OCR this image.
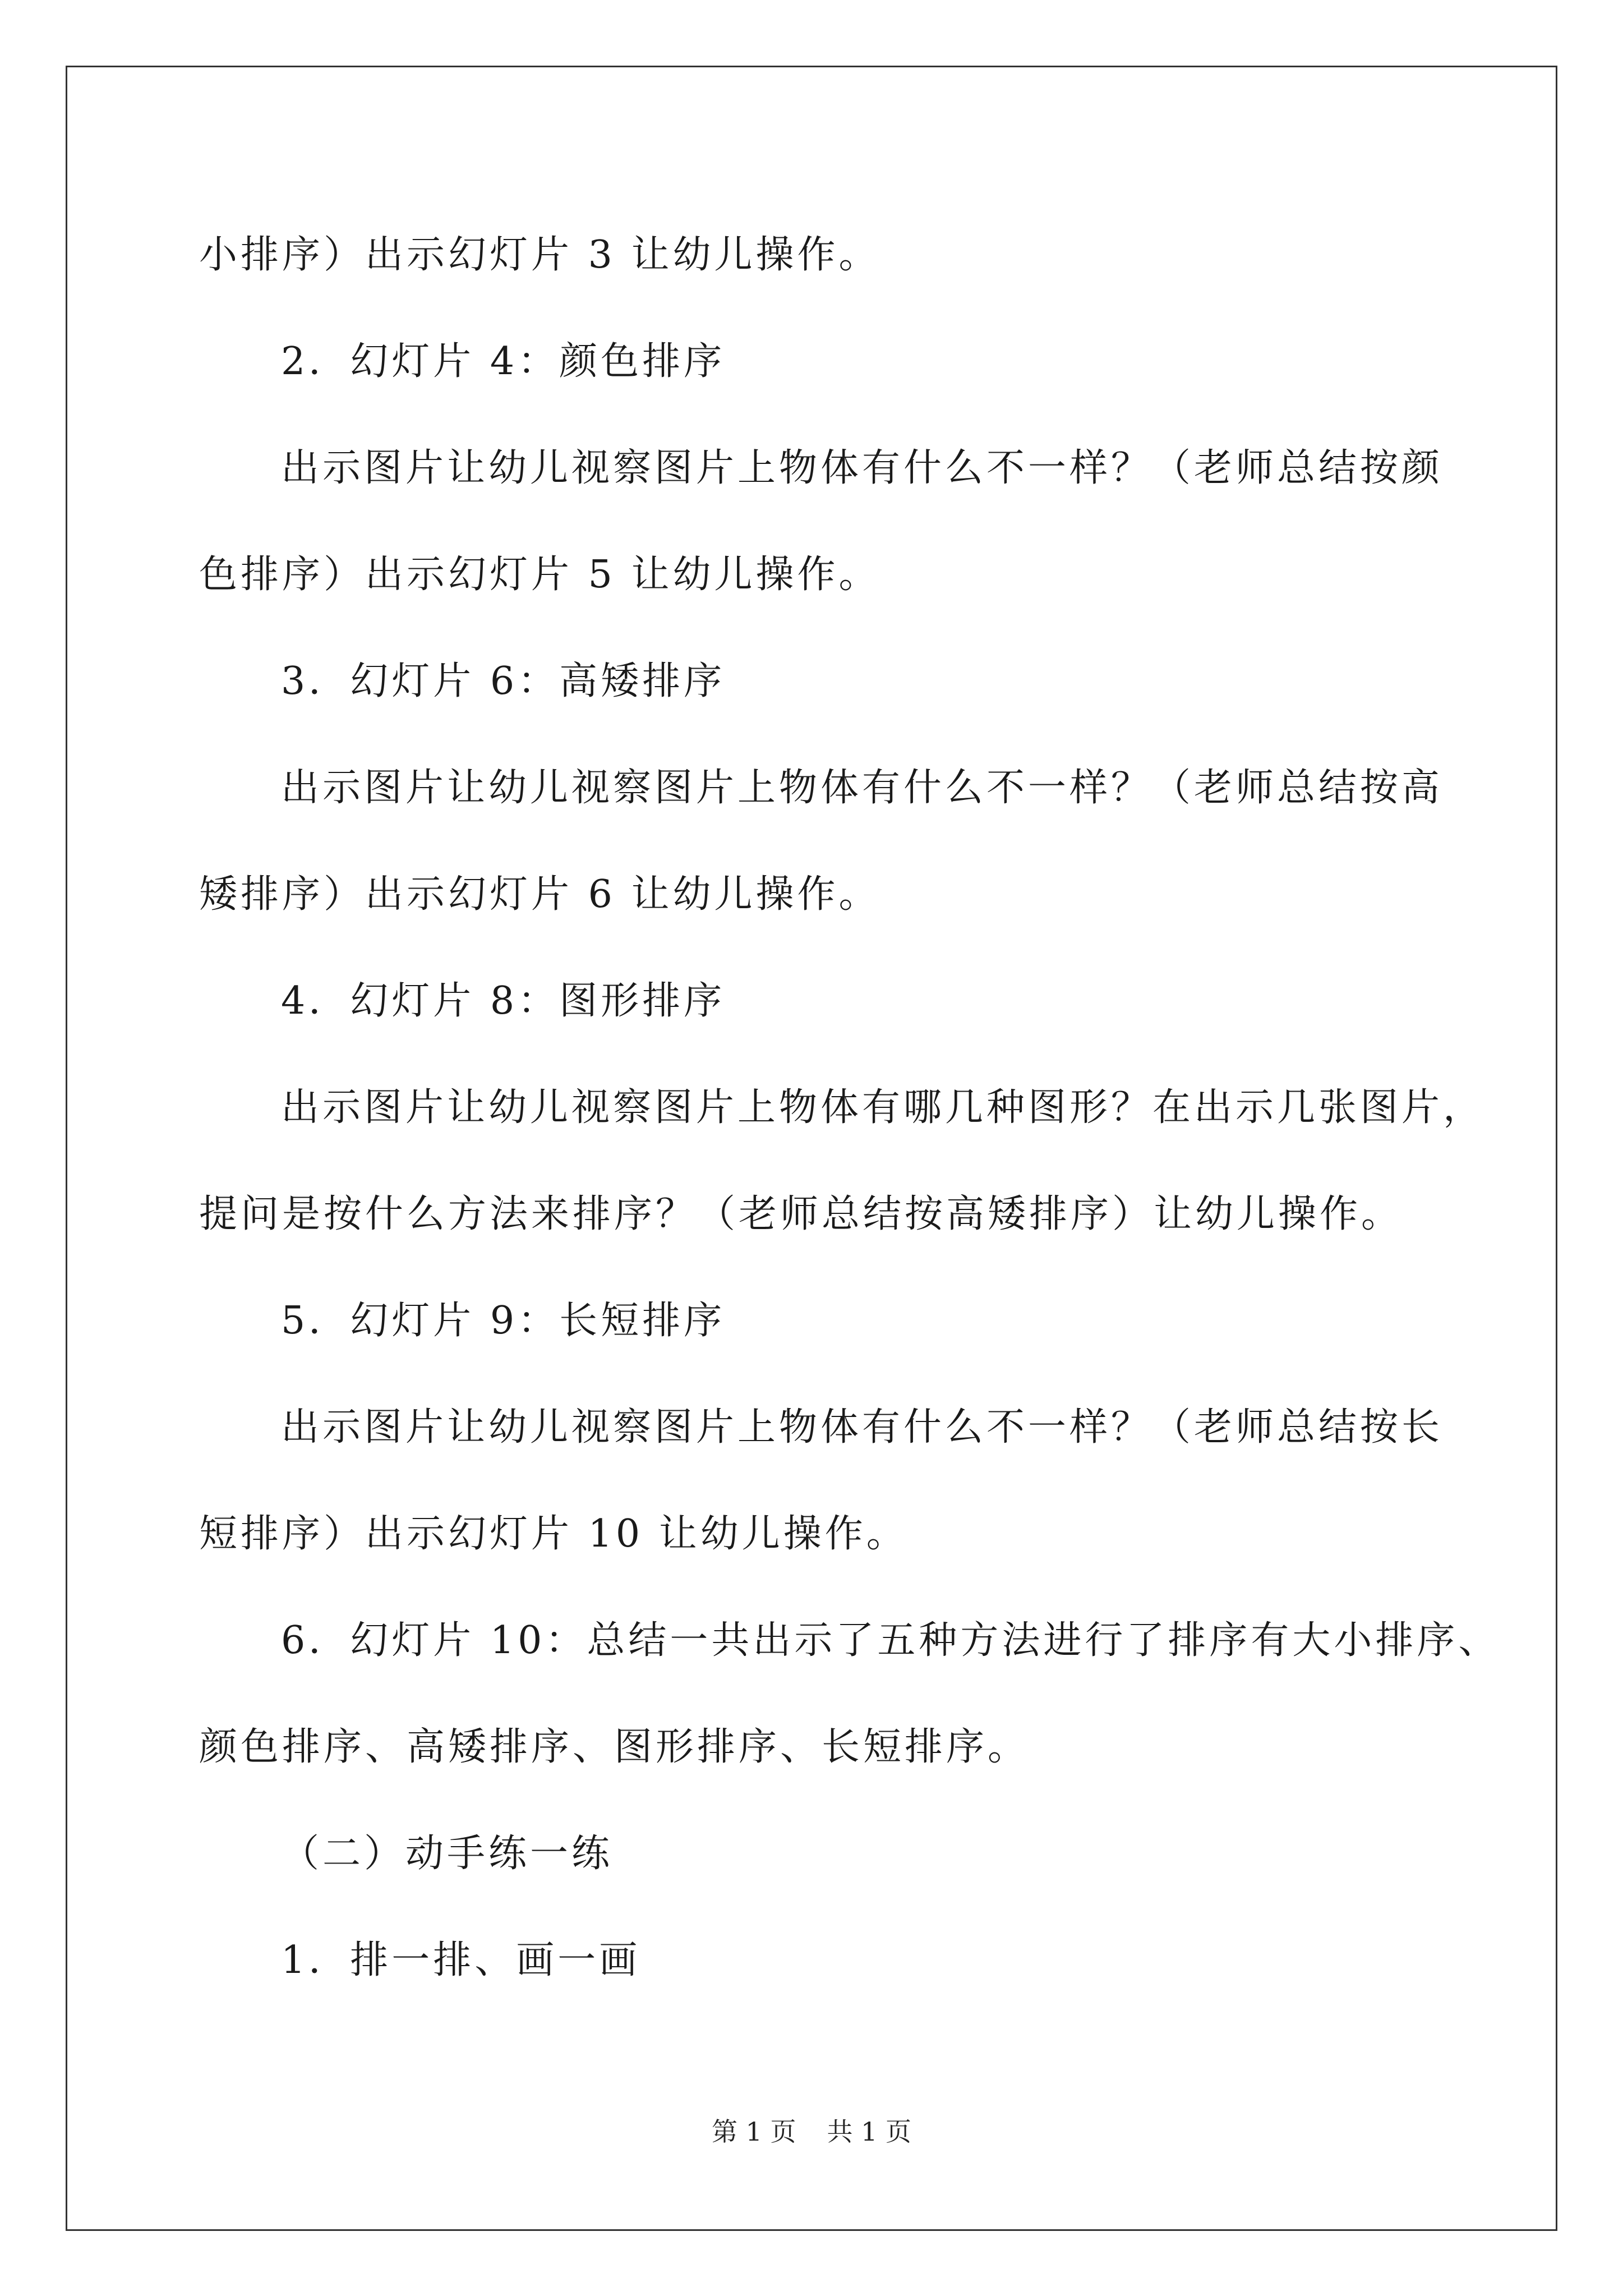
小排序）出示幻灯片 3 让幼儿操作。
2．幻灯片 4：颜色排序
出示图片让幼儿视察图片上物体有什么不一样？（老师总结按颜
色排序）出示幻灯片 5 让幼儿操作。
3．幻灯片 6：高矮排序
出示图片让幼儿视察图片上物体有什么不一样？（老师总结按高
矮排序）出示幻灯片 6 让幼儿操作。
4．幻灯片 8：图形排序
出示图片让幼儿视察图片上物体有哪几种图形？在出示几张图片，
提问是按什么方法来排序？（老师总结按高矮排序）让幼儿操作。
5．幻灯片 9：长短排序
出示图片让幼儿视察图片上物体有什么不一样？（老师总结按长
短排序）出示幻灯片 10 让幼儿操作。
6．幻灯片 10：总结一共出示了五种方法进行了排序有大小排序、
颜色排序、高矮排序、图形排序、长短排序。
（二）动手练一练
1．排一排、画一画
第 1 页 共 1 页
